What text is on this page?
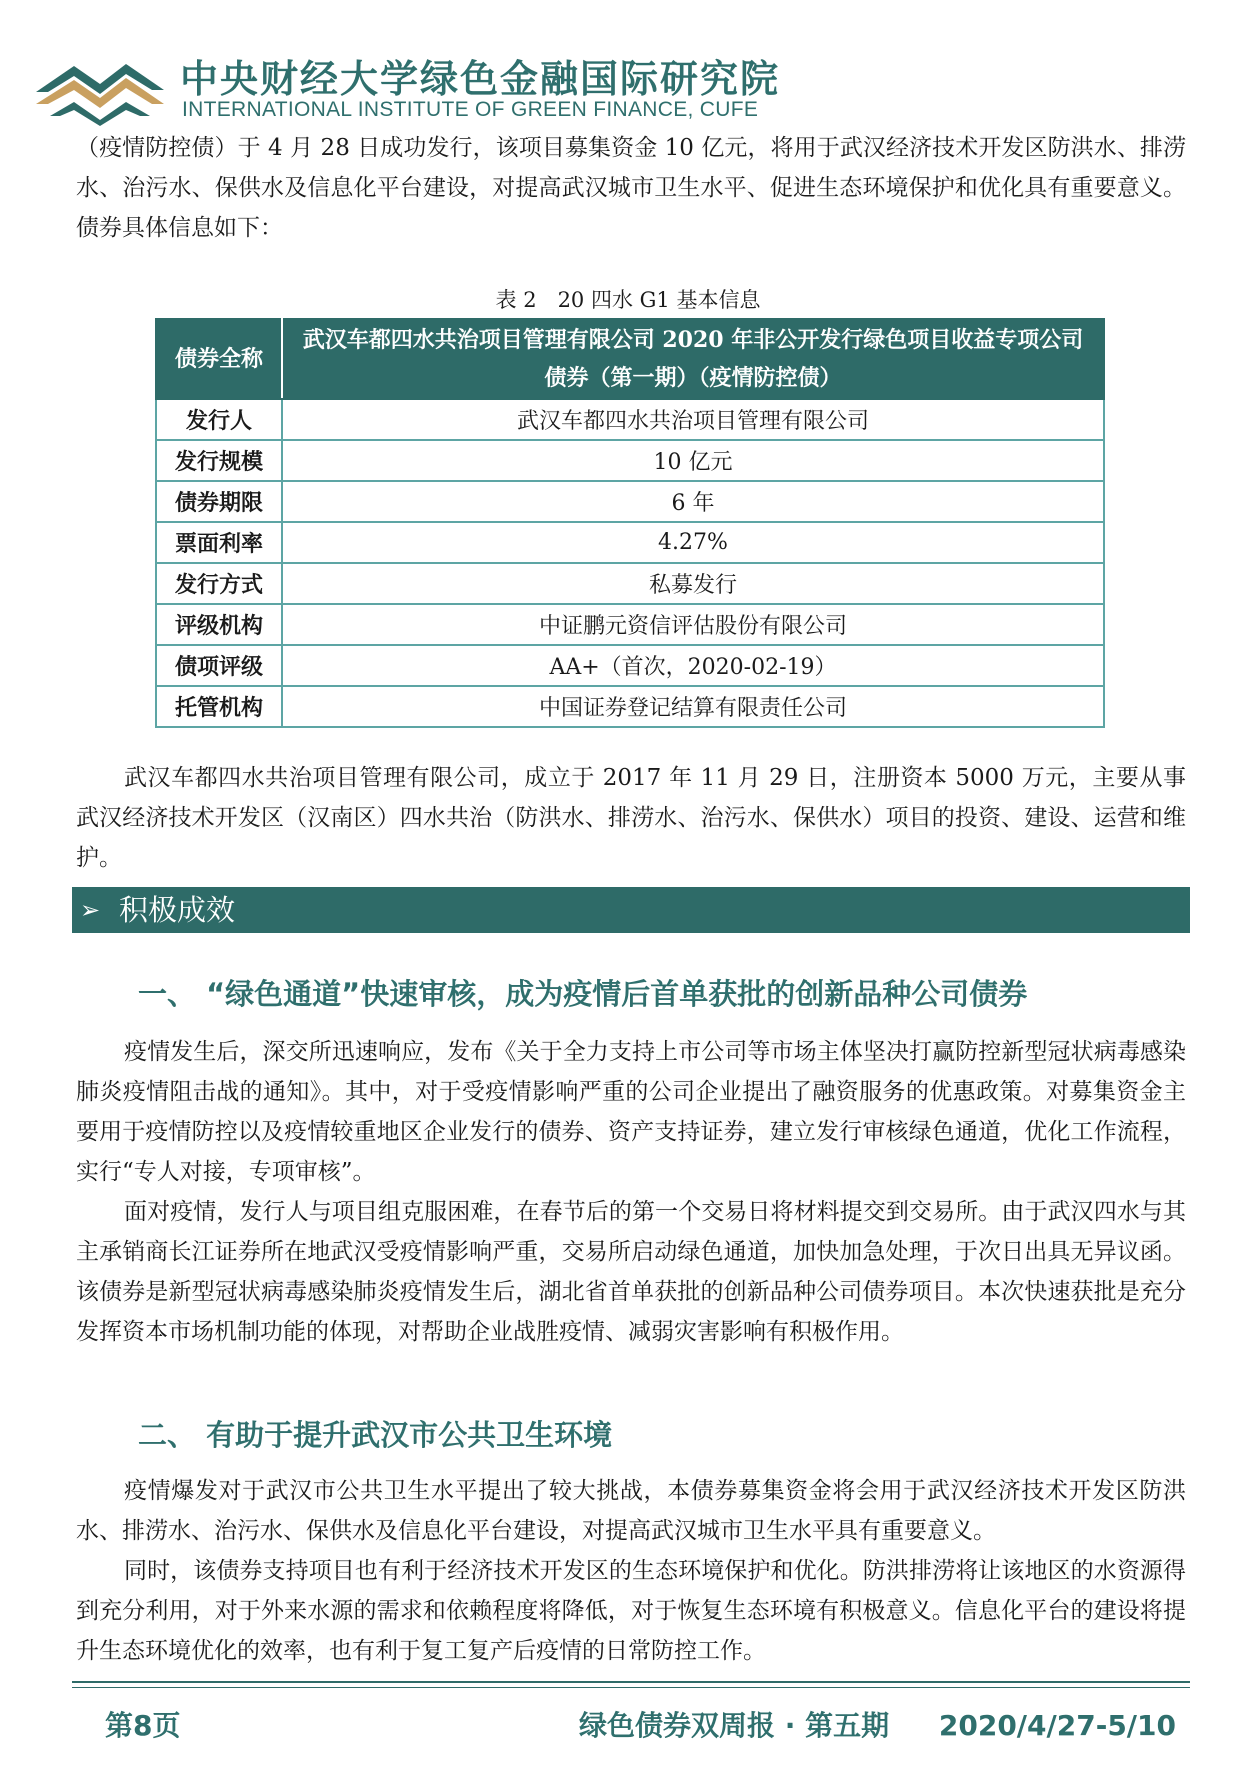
中央财经大学绿色金融国际研究院
INTERNATIONAL INSTITUTE OF GREEN FINANCE, CUFE

（疫情防控债）于 4 月 28 日成功发行，该项目募集资金 10 亿元，将用于武汉经济技术开发区防洪水、排涝水、治污水、保供水及信息化平台建设，对提高武汉城市卫生水平、促进生态环境保护和优化具有重要意义。债券具体信息如下：

表 2　20 四水 G1 基本信息
债券全称	武汉车都四水共治项目管理有限公司 2020 年非公开发行绿色项目收益专项公司债券（第一期）（疫情防控债）
发行人	武汉车都四水共治项目管理有限公司
发行规模	10 亿元
债券期限	6 年
票面利率	4.27%
发行方式	私募发行
评级机构	中证鹏元资信评估股份有限公司
债项评级	AA+（首次，2020-02-19）
托管机构	中国证券登记结算有限责任公司

武汉车都四水共治项目管理有限公司，成立于 2017 年 11 月 29 日，注册资本 5000 万元，主要从事武汉经济技术开发区（汉南区）四水共治（防洪水、排涝水、治污水、保供水）项目的投资、建设、运营和维护。

➢ 积极成效
一、 “绿色通道”快速审核，成为疫情后首单获批的创新品种公司债券

疫情发生后，深交所迅速响应，发布《关于全力支持上市公司等市场主体坚决打赢防控新型冠状病毒感染肺炎疫情阻击战的通知》。其中，对于受疫情影响严重的公司企业提出了融资服务的优惠政策。对募集资金主要用于疫情防控以及疫情较重地区企业发行的债券、资产支持证券，建立发行审核绿色通道，优化工作流程，实行“专人对接，专项审核”。

面对疫情，发行人与项目组克服困难，在春节后的第一个交易日将材料提交到交易所。由于武汉四水与其主承销商长江证券所在地武汉受疫情影响严重，交易所启动绿色通道，加快加急处理，于次日出具无异议函。该债券是新型冠状病毒感染肺炎疫情发生后，湖北省首单获批的创新品种公司债券项目。本次快速获批是充分发挥资本市场机制功能的体现，对帮助企业战胜疫情、减弱灾害影响有积极作用。

二、 有助于提升武汉市公共卫生环境

疫情爆发对于武汉市公共卫生水平提出了较大挑战，本债券募集资金将会用于武汉经济技术开发区防洪水、排涝水、治污水、保供水及信息化平台建设，对提高武汉城市卫生水平具有重要意义。

同时，该债券支持项目也有利于经济技术开发区的生态环境保护和优化。防洪排涝将让该地区的水资源得到充分利用，对于外来水源的需求和依赖程度将降低，对于恢复生态环境有积极意义。信息化平台的建设将提升生态环境优化的效率，也有利于复工复产后疫情的日常防控工作。

第8页	绿色债券双周报 · 第五期 2020/4/27-5/10
